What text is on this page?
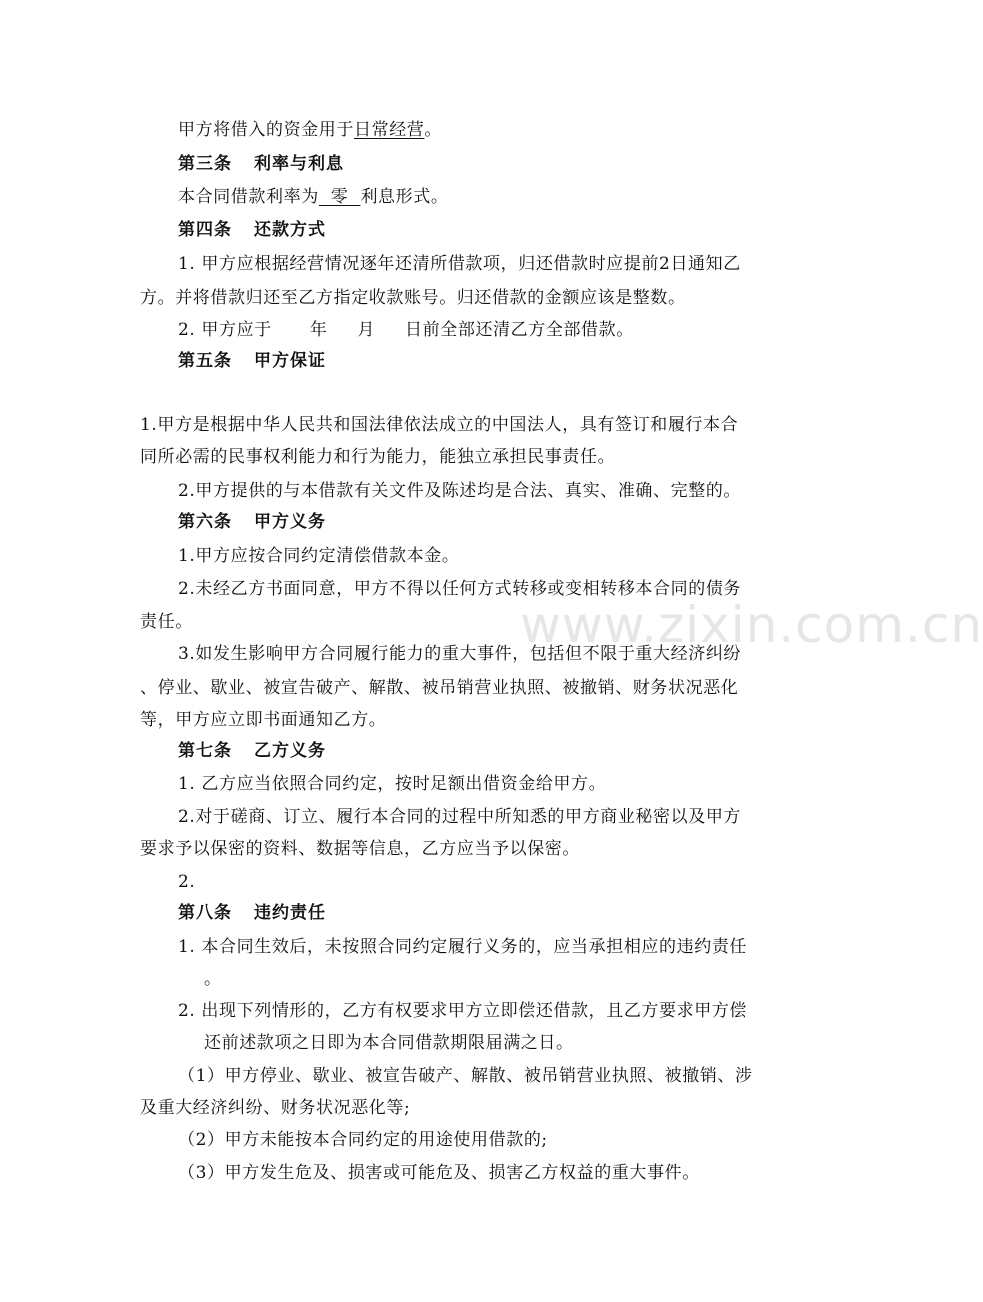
www.zixin.com.cn
甲方将借入的资金用于日常经营。
第三条 利率与利息
本合同借款利率为 零 利息形式。
第四条 还款方式
1. 甲方应根据经营情况逐年还清所借款项，归还借款时应提前2日通知乙
方。并将借款归还至乙方指定收款账号。归还借款的金额应该是整数。
2. 甲方应于 年 月 日前全部还清乙方全部借款。
第五条 甲方保证
1.甲方是根据中华人民共和国法律依法成立的中国法人，具有签订和履行本合
同所必需的民事权利能力和行为能力，能独立承担民事责任。
2.甲方提供的与本借款有关文件及陈述均是合法、真实、准确、完整的。
第六条 甲方义务
1.甲方应按合同约定清偿借款本金。
2.未经乙方书面同意，甲方不得以任何方式转移或变相转移本合同的债务
责任。
3.如发生影响甲方合同履行能力的重大事件，包括但不限于重大经济纠纷
、停业、歇业、被宣告破产、解散、被吊销营业执照、被撤销、财务状况恶化
等，甲方应立即书面通知乙方。
第七条 乙方义务
1. 乙方应当依照合同约定，按时足额出借资金给甲方。
2.对于磋商、订立、履行本合同的过程中所知悉的甲方商业秘密以及甲方
要求予以保密的资料、数据等信息，乙方应当予以保密。
2.
第八条 违约责任
1. 本合同生效后，未按照合同约定履行义务的，应当承担相应的违约责任
。
2. 出现下列情形的，乙方有权要求甲方立即偿还借款，且乙方要求甲方偿
还前述款项之日即为本合同借款期限届满之日。
（1）甲方停业、歇业、被宣告破产、解散、被吊销营业执照、被撤销、涉
及重大经济纠纷、财务状况恶化等;
（2）甲方未能按本合同约定的用途使用借款的;
（3）甲方发生危及、损害或可能危及、损害乙方权益的重大事件。
